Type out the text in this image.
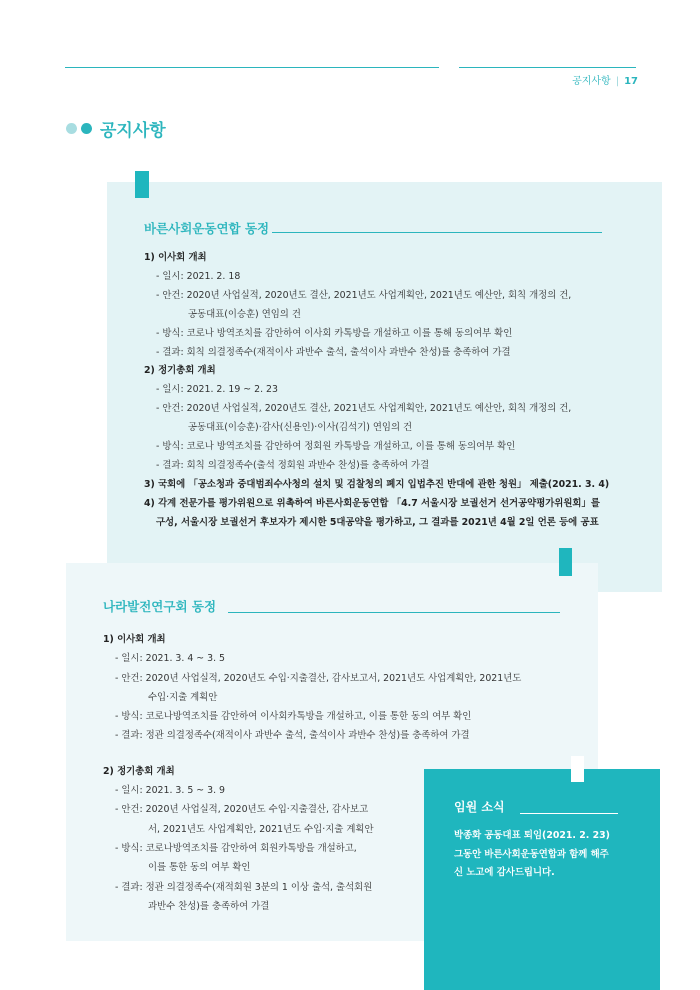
공지사항 | 17
공지사항
바른사회운동연합 동정
1) 이사회 개최
- 일시: 2021. 2. 18
- 안건: 2020년 사업실적, 2020년도 결산, 2021년도 사업계획안, 2021년도 예산안, 회칙 개정의 건,
공동대표(이승훈) 연임의 건
- 방식: 코로나 방역조치를 감안하여 이사회 카톡방을 개설하고 이를 통해 동의여부 확인
- 결과: 회칙 의결정족수(재적이사 과반수 출석, 출석이사 과반수 찬성)를 충족하여 가결
2) 정기총회 개최
- 일시: 2021. 2. 19 ~ 2. 23
- 안건: 2020년 사업실적, 2020년도 결산, 2021년도 사업계획안, 2021년도 예산안, 회칙 개정의 건,
공동대표(이승훈)·감사(신용인)·이사(김석기) 연임의 건
- 방식: 코로나 방역조치를 감안하여 정회원 카톡방을 개설하고, 이를 통해 동의여부 확인
- 결과: 회칙 의결정족수(출석 정회원 과반수 찬성)를 충족하여 가결
3) 국회에 「공소청과 중대범죄수사청의 설치 및 검찰청의 폐지 입법추진 반대에 관한 청원」 제출(2021. 3. 4)
4) 각계 전문가를 평가위원으로 위촉하여 바른사회운동연합 「4.7 서울시장 보궐선거 선거공약평가위원회」를
구성, 서울시장 보궐선거 후보자가 제시한 5대공약을 평가하고, 그 결과를 2021년 4월 2일 언론 등에 공표
나라발전연구회 동정
1) 이사회 개최
- 일시: 2021. 3. 4 ~ 3. 5
- 안건: 2020년 사업실적, 2020년도 수입·지출결산, 감사보고서, 2021년도 사업계획안, 2021년도
수입·지출 계획안
- 방식: 코로나방역조치를 감안하여 이사회카톡방을 개설하고, 이를 통한 동의 여부 확인
- 결과: 정관 의결정족수(재적이사 과반수 출석, 출석이사 과반수 찬성)를 충족하여 가결
2) 정기총회 개최
- 일시: 2021. 3. 5 ~ 3. 9
- 안건: 2020년 사업실적, 2020년도 수입·지출결산, 감사보고
서, 2021년도 사업계획안, 2021년도 수입·지출 계획안
- 방식: 코로나방역조치를 감안하여 회원카톡방을 개설하고,
이를 통한 동의 여부 확인
- 결과: 정관 의결정족수(재적회원 3분의 1 이상 출석, 출석회원
과반수 찬성)를 충족하여 가결
임원 소식
박종화 공동대표 퇴임(2021. 2. 23)
그동안 바른사회운동연합과 함께 해주
신 노고에 감사드립니다.
